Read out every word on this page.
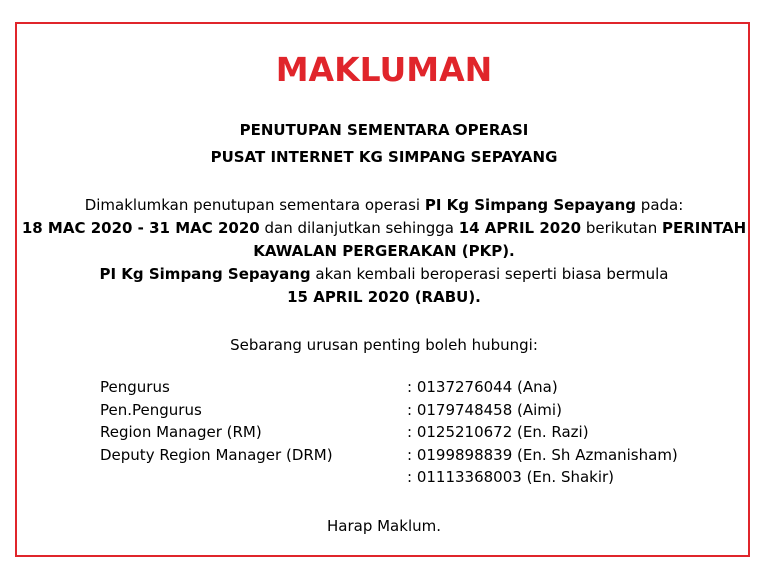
MAKLUMAN
PENUTUPAN SEMENTARA OPERASI
PUSAT INTERNET KG SIMPANG SEPAYANG
Dimaklumkan penutupan sementara operasi PI Kg Simpang Sepayang pada:
18 MAC 2020 - 31 MAC 2020 dan dilanjutkan sehingga 14 APRIL 2020 berikutan PERINTAH
KAWALAN PERGERAKAN (PKP).
PI Kg Simpang Sepayang akan kembali beroperasi seperti biasa bermula
15 APRIL 2020 (RABU).
Sebarang urusan penting boleh hubungi:
Pengurus	: 0137276044 (Ana)
Pen.Pengurus	: 0179748458 (Aimi)
Region Manager (RM)	: 0125210672 (En. Razi)
Deputy Region Manager (DRM)	: 0199898839 (En. Sh Azmanisham)
: 01113368003 (En. Shakir)
Harap Maklum.
